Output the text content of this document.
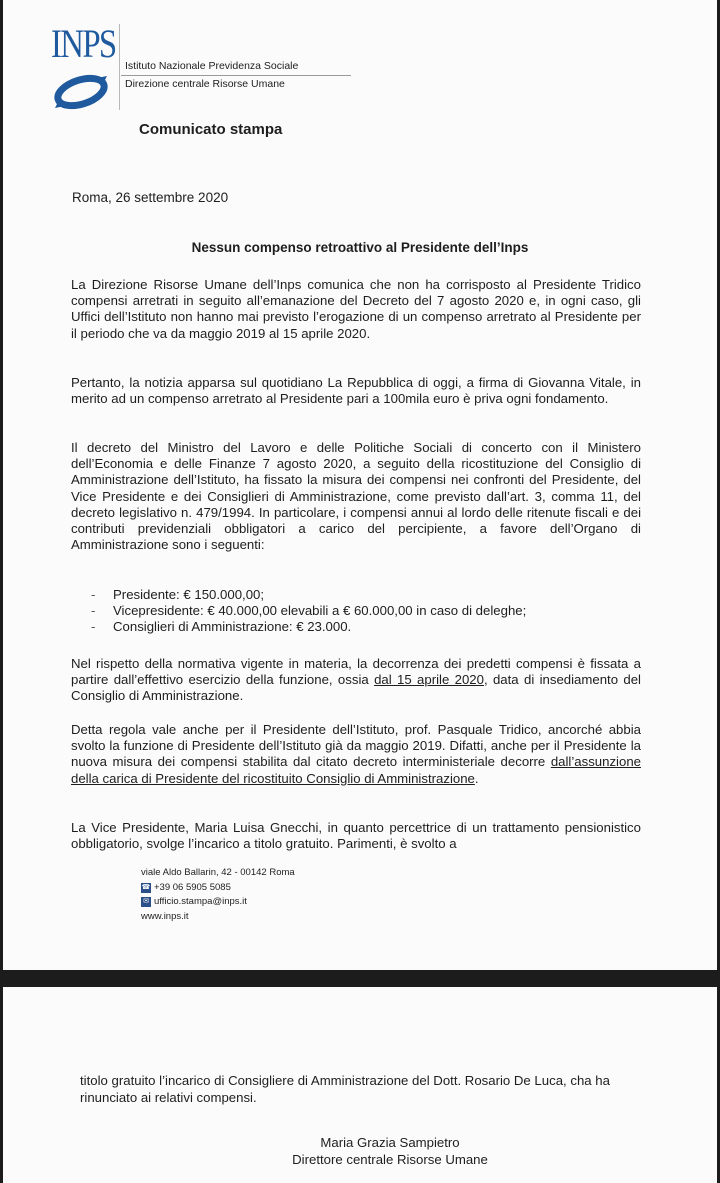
INPS Istituto Nazionale Previdenza Sociale
Direzione centrale Risorse Umane
Comunicato stampa
Roma, 26 settembre 2020
Nessun compenso retroattivo al Presidente dell’Inps
La Direzione Risorse Umane dell’Inps comunica che non ha corrisposto al Presidente Tridico compensi arretrati in seguito all’emanazione del Decreto del 7 agosto 2020 e, in ogni caso, gli Uffici dell’Istituto non hanno mai previsto l’erogazione di un compenso arretrato al Presidente per il periodo che va da maggio 2019 al 15 aprile 2020.
Pertanto, la notizia apparsa sul quotidiano La Repubblica di oggi, a firma di Giovanna Vitale, in merito ad un compenso arretrato al Presidente pari a 100mila euro è priva ogni fondamento.
Il decreto del Ministro del Lavoro e delle Politiche Sociali di concerto con il Ministero dell’Economia e delle Finanze 7 agosto 2020, a seguito della ricostituzione del Consiglio di Amministrazione dell’Istituto, ha fissato la misura dei compensi nei confronti del Presidente, del Vice Presidente e dei Consiglieri di Amministrazione, come previsto dall’art. 3, comma 11, del decreto legislativo n. 479/1994. In particolare, i compensi annui al lordo delle ritenute fiscali e dei contributi previdenziali obbligatori a carico del percipiente, a favore dell’Organo di Amministrazione sono i seguenti:
- Presidente: € 150.000,00;
- Vicepresidente: € 40.000,00 elevabili a € 60.000,00 in caso di deleghe;
- Consiglieri di Amministrazione: € 23.000.
Nel rispetto della normativa vigente in materia, la decorrenza dei predetti compensi è fissata a partire dall’effettivo esercizio della funzione, ossia dal 15 aprile 2020, data di insediamento del Consiglio di Amministrazione.
Detta regola vale anche per il Presidente dell’Istituto, prof. Pasquale Tridico, ancorché abbia svolto la funzione di Presidente dell’Istituto già da maggio 2019. Difatti, anche per il Presidente la nuova misura dei compensi stabilita dal citato decreto interministeriale decorre dall’assunzione della carica di Presidente del ricostituito Consiglio di Amministrazione.
La Vice Presidente, Maria Luisa Gnecchi, in quanto percettrice di un trattamento pensionistico obbligatorio, svolge l’incarico a titolo gratuito. Parimenti, è svolto a
viale Aldo Ballarin, 42 - 00142 Roma
☎ +39 06 5905 5085
✉ ufficio.stampa@inps.it
www.inps.it
titolo gratuito l’incarico di Consigliere di Amministrazione del Dott. Rosario De Luca, cha ha rinunciato ai relativi compensi.
Maria Grazia Sampietro
Direttore centrale Risorse Umane
